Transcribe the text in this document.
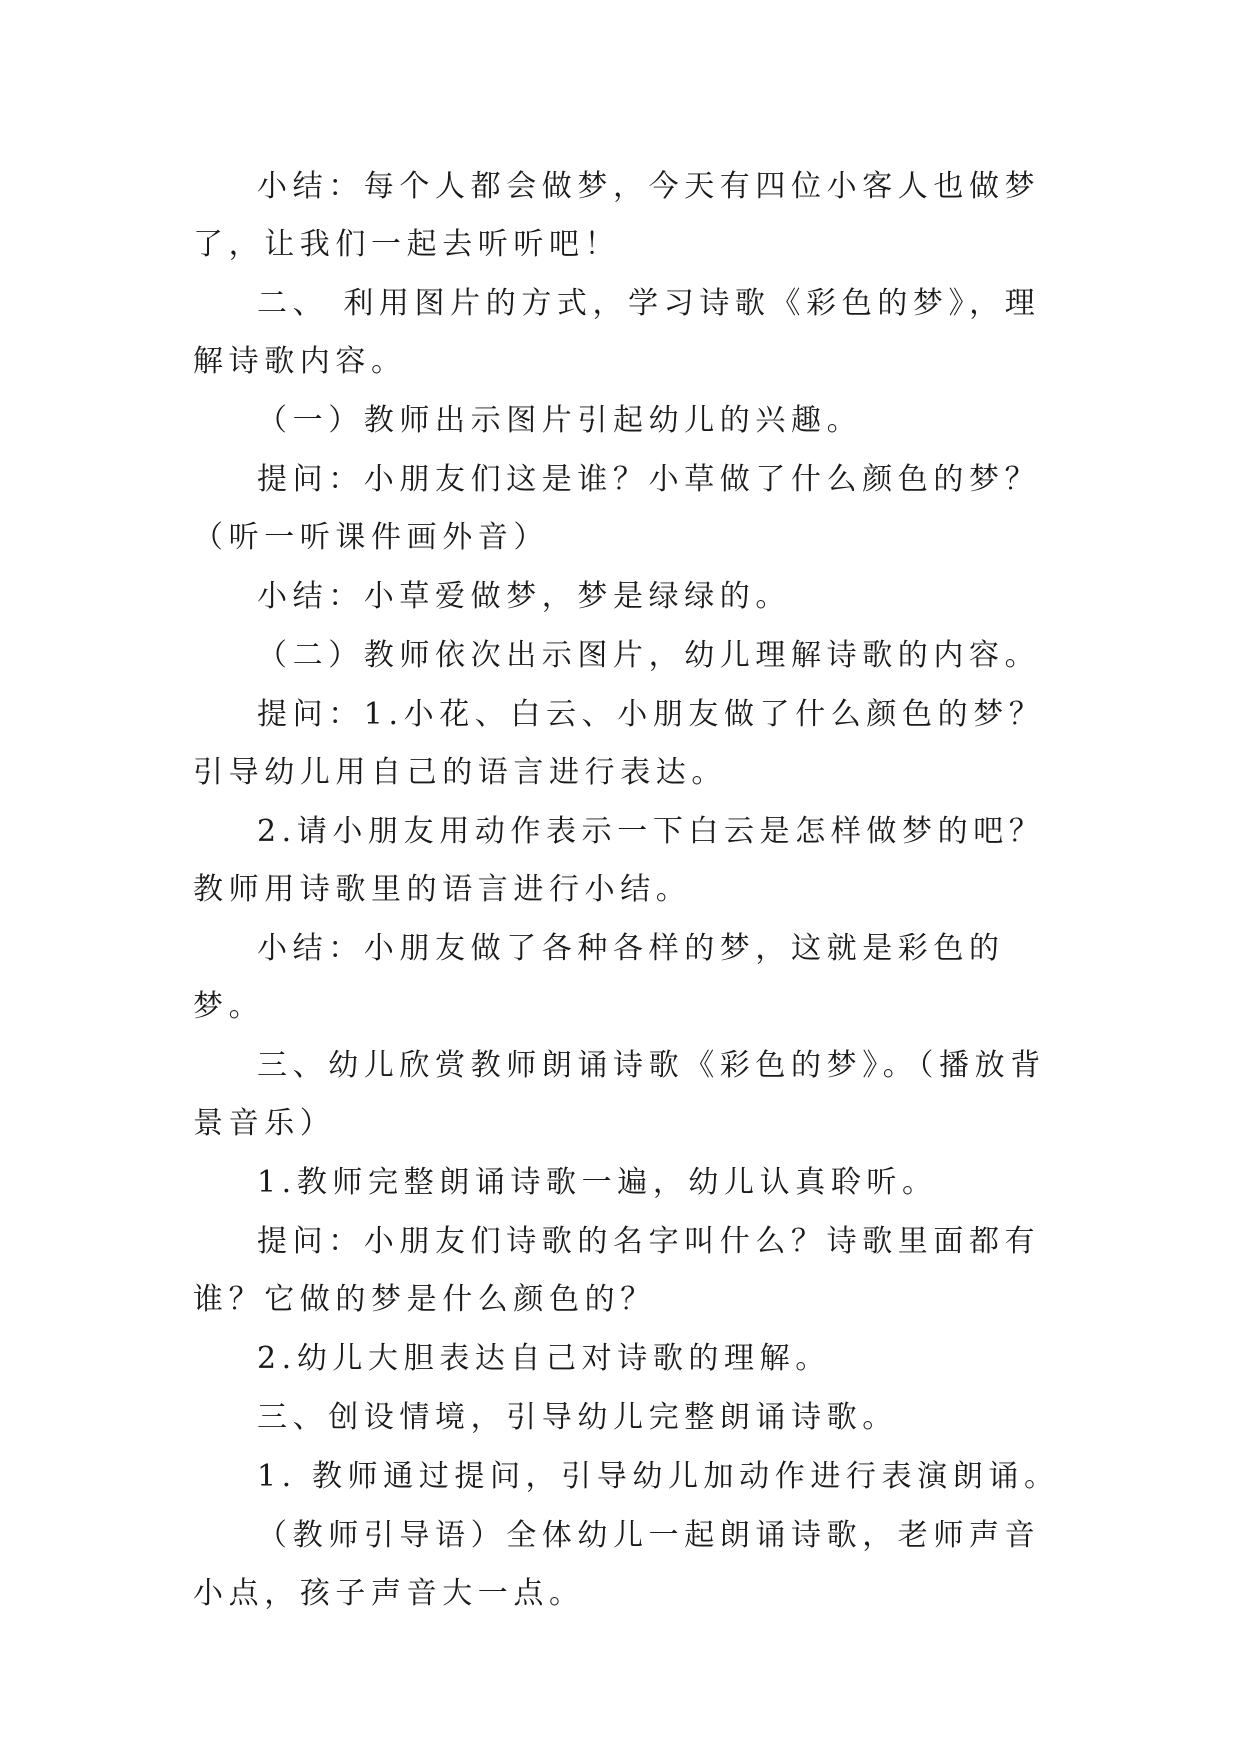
小结：每个人都会做梦，今天有四位小客人也做梦了，让我们一起去听听吧！

二、 利用图片的方式，学习诗歌《彩色的梦》，理解诗歌内容。

（一）教师出示图片引起幼儿的兴趣。

提问：小朋友们这是谁？小草做了什么颜色的梦？（听一听课件画外音）

小结：小草爱做梦，梦是绿绿的。

（二）教师依次出示图片，幼儿理解诗歌的内容。

提问：1.小花、白云、小朋友做了什么颜色的梦？引导幼儿用自己的语言进行表达。

2.请小朋友用动作表示一下白云是怎样做梦的吧？教师用诗歌里的语言进行小结。

小结：小朋友做了各种各样的梦，这就是彩色的梦。

三、幼儿欣赏教师朗诵诗歌《彩色的梦》。（播放背景音乐）

1.教师完整朗诵诗歌一遍，幼儿认真聆听。

提问：小朋友们诗歌的名字叫什么？诗歌里面都有谁？它做的梦是什么颜色的？

2.幼儿大胆表达自己对诗歌的理解。

三、创设情境，引导幼儿完整朗诵诗歌。

1. 教师通过提问，引导幼儿加动作进行表演朗诵。

（教师引导语）全体幼儿一起朗诵诗歌，老师声音小点，孩子声音大一点。
